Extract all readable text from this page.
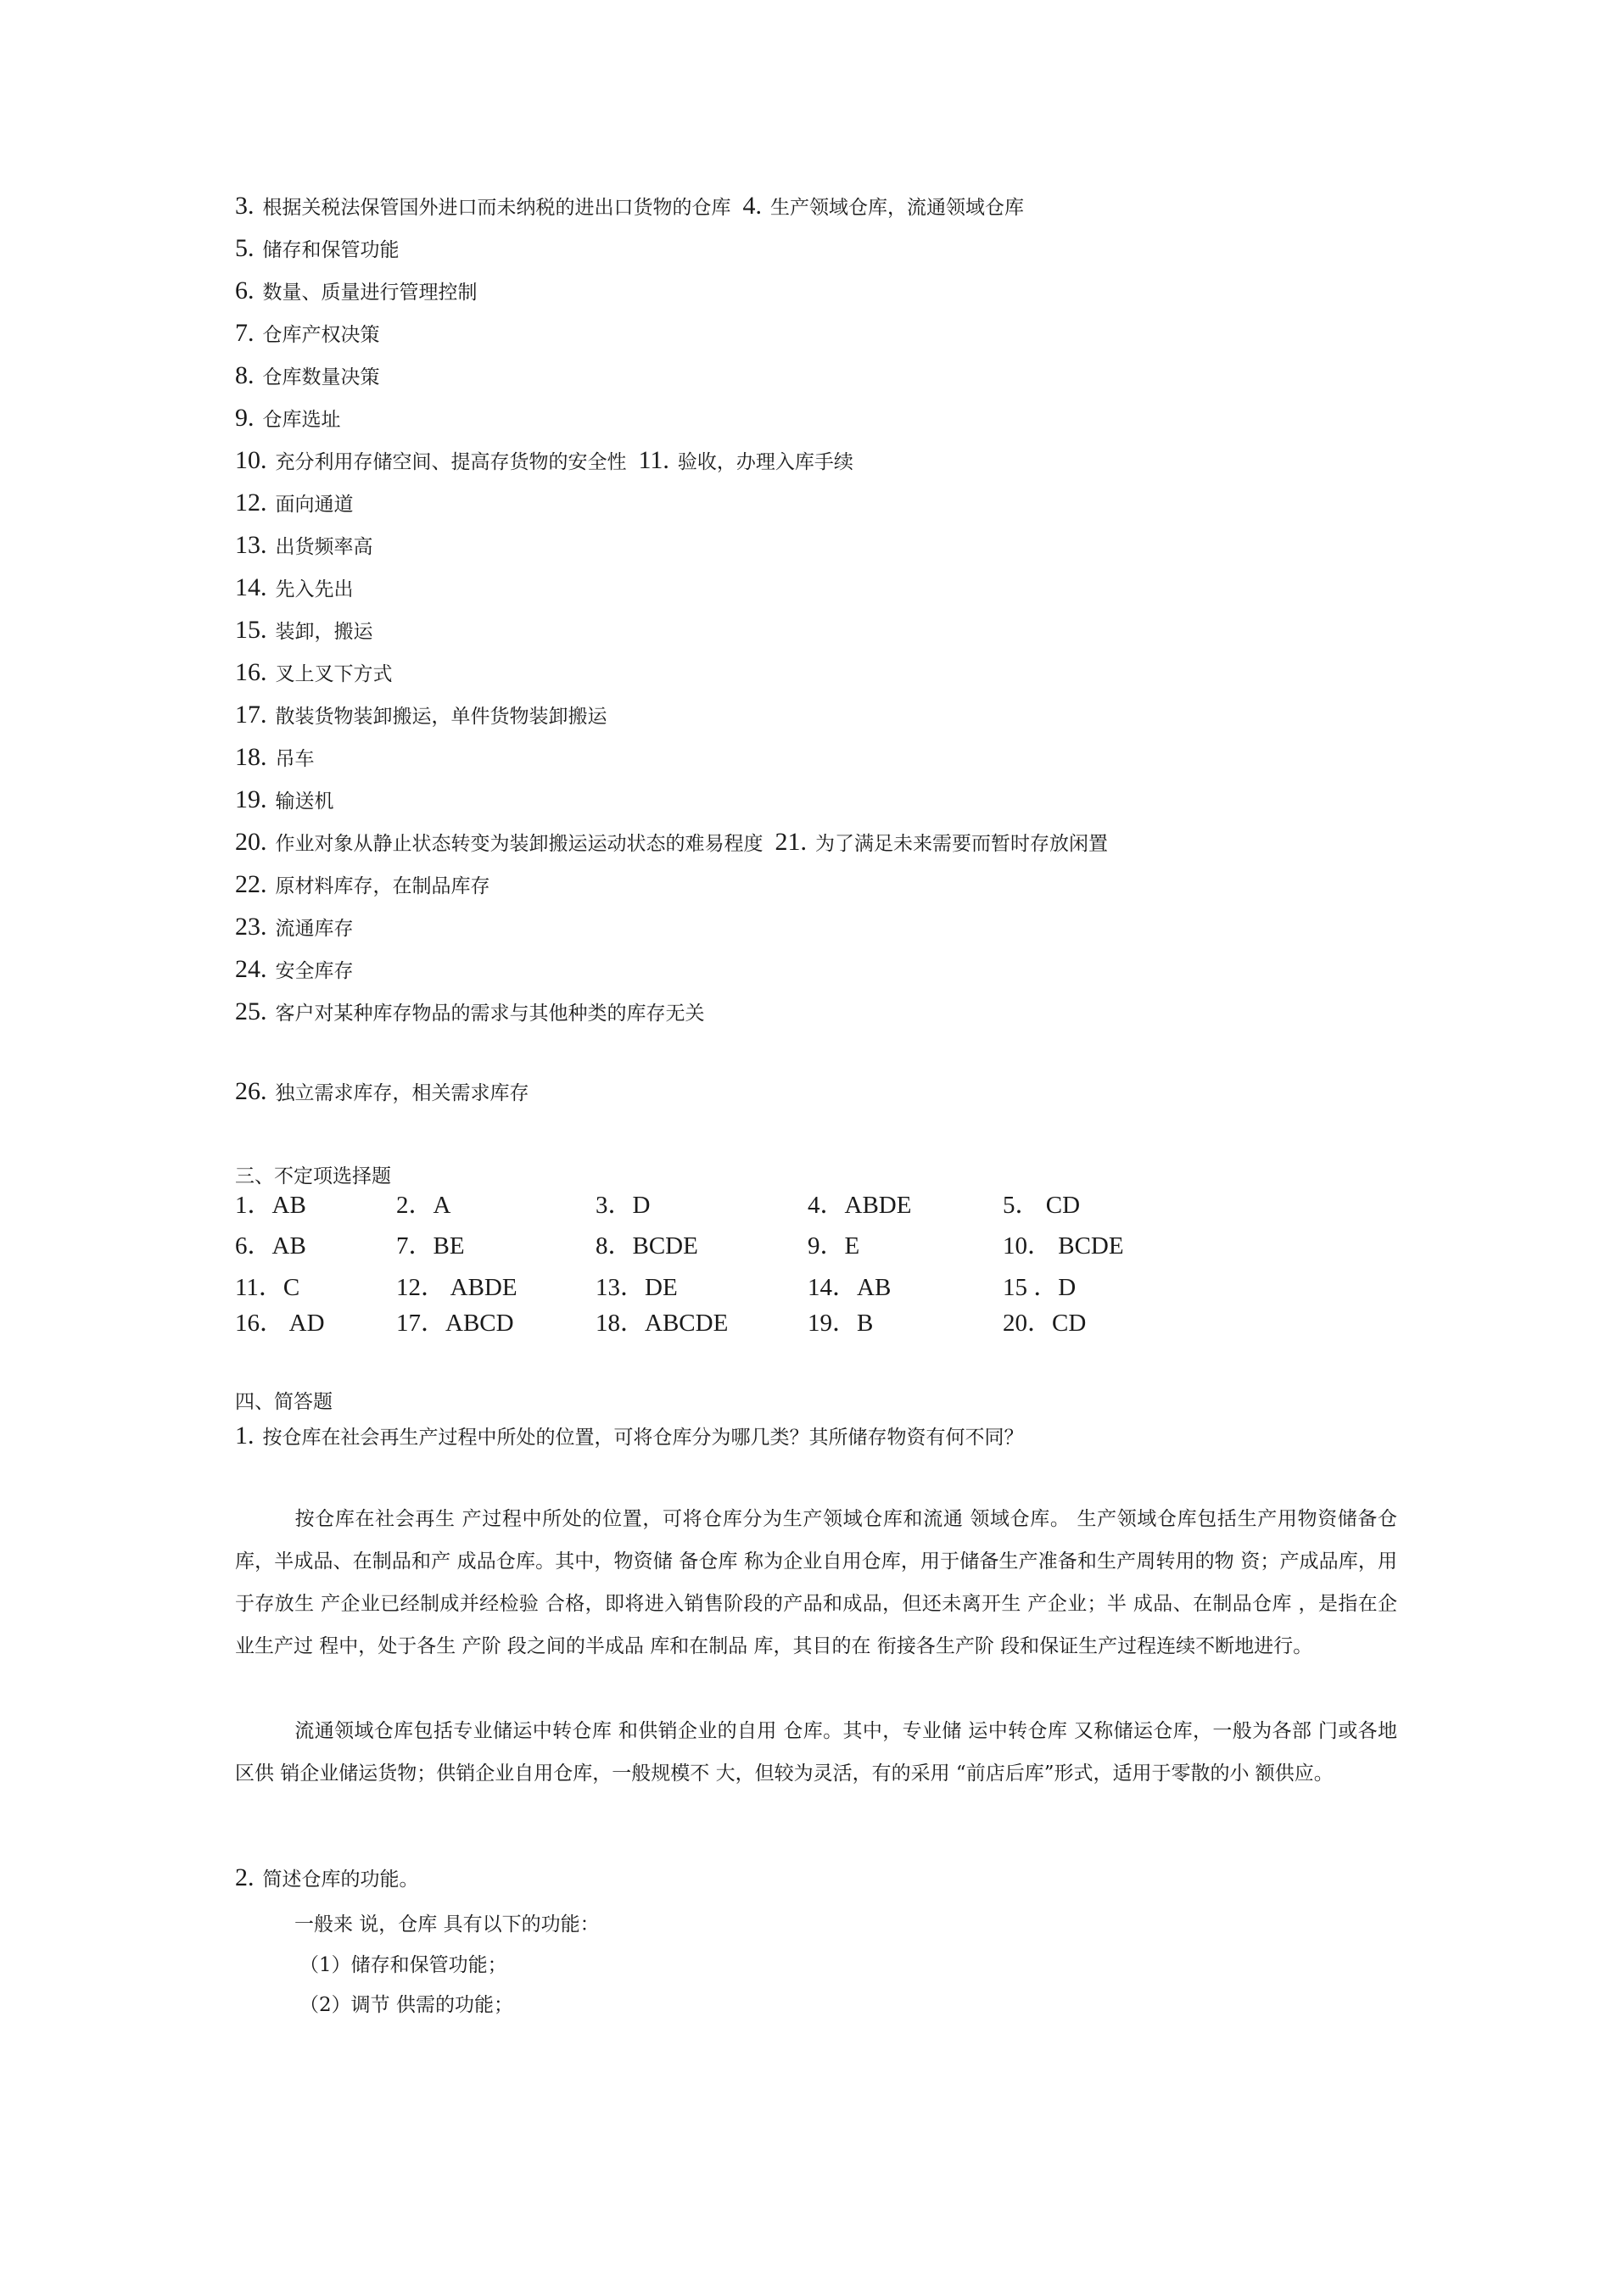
3. 根据关税法保管国外进口而未纳税的进出口货物的仓库 4. 生产领域仓库，流通领域仓库
5. 储存和保管功能
6. 数量、质量进行管理控制
7. 仓库产权决策
8. 仓库数量决策
9. 仓库选址
10. 充分利用存储空间、提高存货物的安全性 11. 验收，办理入库手续
12. 面向通道
13. 出货频率高
14. 先入先出
15. 装卸，搬运
16. 叉上叉下方式
17. 散装货物装卸搬运，单件货物装卸搬运
18. 吊车
19. 输送机
20. 作业对象从静止状态转变为装卸搬运运动状态的难易程度 21. 为了满足未来需要而暂时存放闲置
22. 原材料库存，在制品库存
23. 流通库存
24. 安全库存
25. 客户对某种库存物品的需求与其他种类的库存无关
26. 独立需求库存，相关需求库存
三、不定项选择题
1．AB	2．A	3．D	4．ABDE	5． CD
6．AB	7．BE	8．BCDE	9．E	10． BCDE
11．C	12． ABDE	13．DE	14．AB	15 ．D
16． AD	17．ABCD	18．ABCDE	19．B	20．CD
四、简答题
1. 按仓库在社会再生产过程中所处的位置，可将仓库分为哪几类？其所储存物资有何不同？
按仓库在社会再生 产过程中所处的位置，可将仓库分为生产领域仓库和流通 领域仓库。 生产领域仓库包括生产用物资储备仓库，半成品、在制品和产 成品仓库。其中，物资储 备仓库 称为企业自用仓库，用于储备生产准备和生产周转用的物 资；产成品库，用于存放生 产企业已经制成并经检验 合格，即将进入销售阶段的产品和成品，但还未离开生 产企业；半 成品、在制品仓库 ，是指在企 业生产过 程中，处于各生 产阶 段之间的半成品 库和在制品 库，其目的在 衔接各生产阶 段和保证生产过程连续不断地进行。
流通领域仓库包括专业储运中转仓库 和供销企业的自用 仓库。其中，专业储 运中转仓库 又称储运仓库，一般为各部 门或各地区供 销企业储运货物；供销企业自用仓库，一般规模不 大，但较为灵活，有的采用 “前店后库”形式，适用于零散的小 额供应。
2. 简述仓库的功能。
一般来 说，仓库 具有以下的功能：
（1）储存和保管功能；
（2）调节 供需的功能；
